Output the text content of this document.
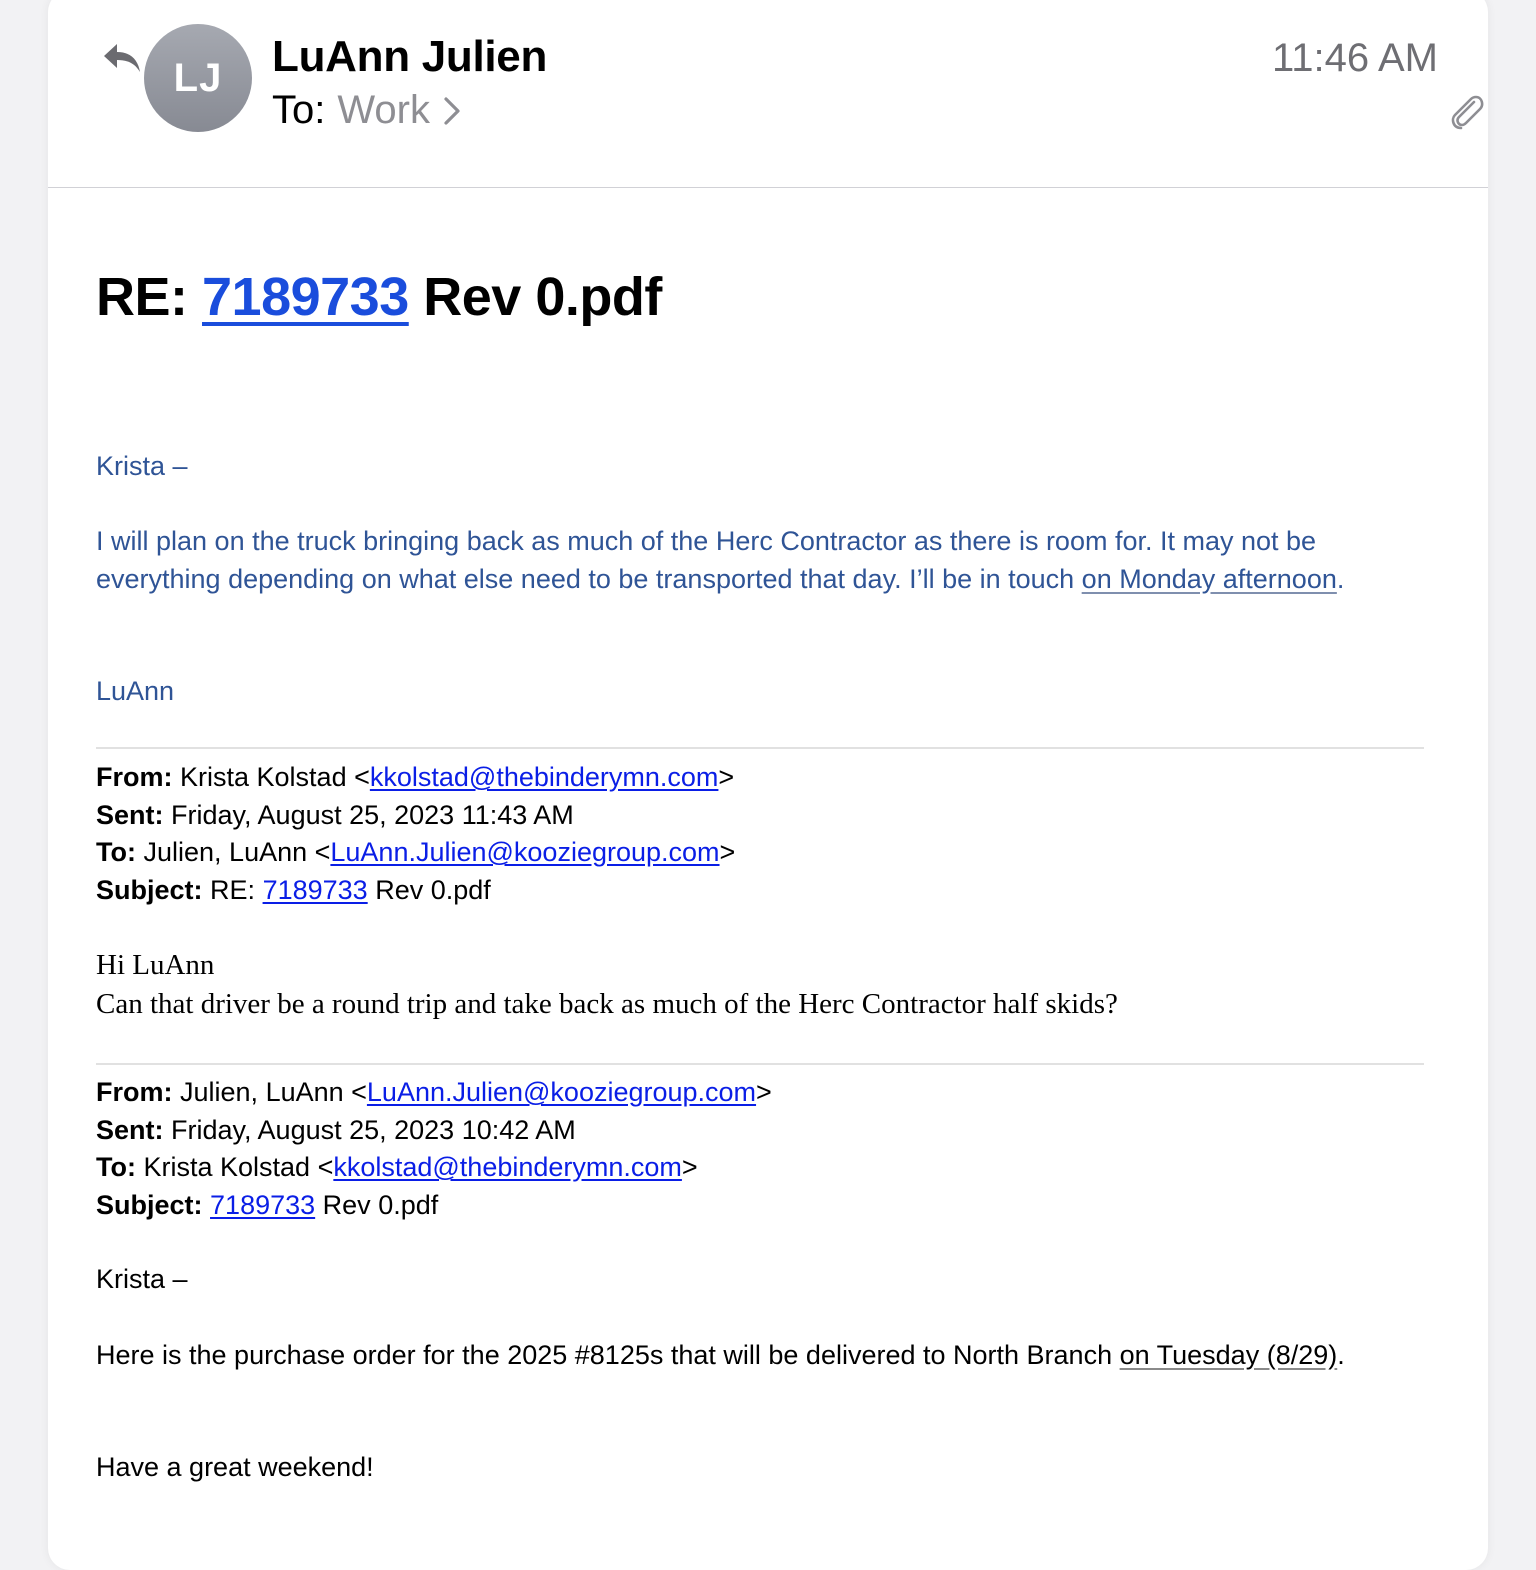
LJ LuAnn Julien
To: Work
11:46 AM
RE: 7189733 Rev 0.pdf
Krista –
I will plan on the truck bringing back as much of the Herc Contractor as there is room for. It may not be everything depending on what else need to be transported that day. I’ll be in touch on Monday afternoon.
LuAnn
From: Krista Kolstad <kkolstad@thebinderymn.com>
Sent: Friday, August 25, 2023 11:43 AM
To: Julien, LuAnn <LuAnn.Julien@kooziegroup.com>
Subject: RE: 7189733 Rev 0.pdf
Hi LuAnn
Can that driver be a round trip and take back as much of the Herc Contractor half skids?
From: Julien, LuAnn <LuAnn.Julien@kooziegroup.com>
Sent: Friday, August 25, 2023 10:42 AM
To: Krista Kolstad <kkolstad@thebinderymn.com>
Subject: 7189733 Rev 0.pdf
Krista –
Here is the purchase order for the 2025 #8125s that will be delivered to North Branch on Tuesday (8/29).
Have a great weekend!
